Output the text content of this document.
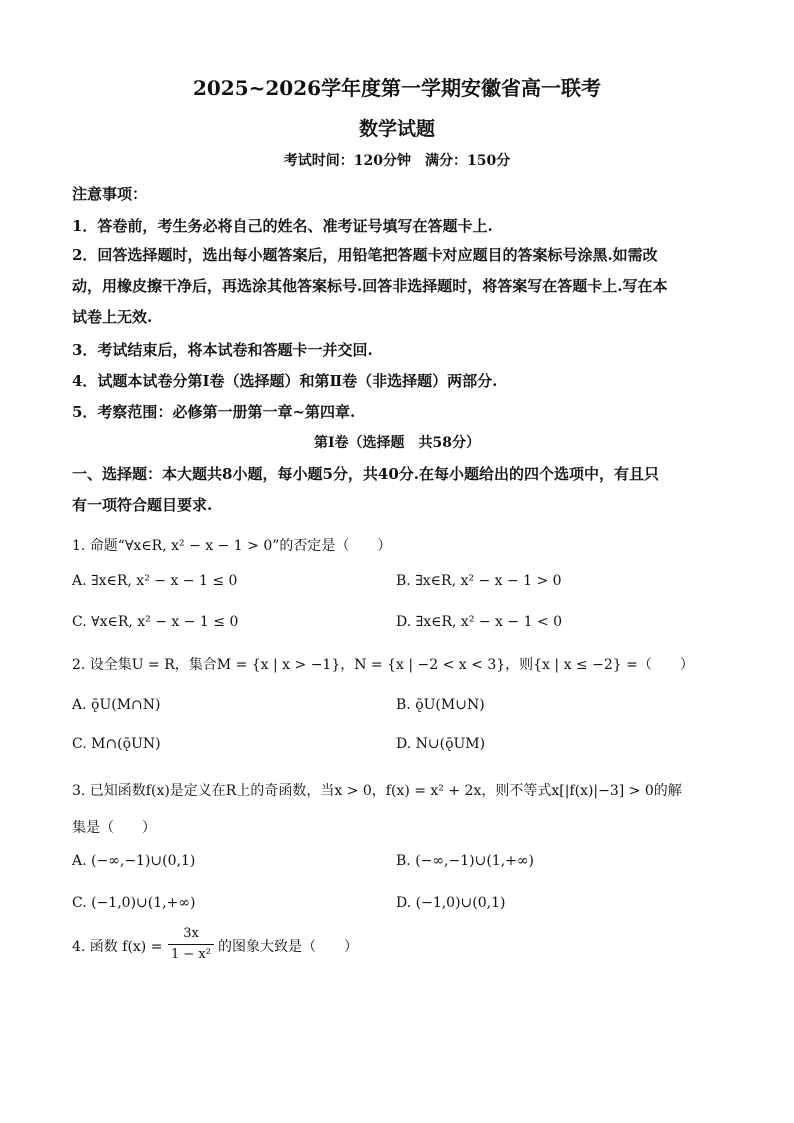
2025~2026学年度第一学期安徽省高一联考
数学试题
考试时间：120分钟　满分：150分
注意事项：
1．答卷前，考生务必将自己的姓名、准考证号填写在答题卡上.
2．回答选择题时，选出每小题答案后，用铅笔把答题卡对应题目的答案标号涂黑.如需改
动，用橡皮擦干净后，再选涂其他答案标号.回答非选择题时，将答案写在答题卡上.写在本
试卷上无效.
3．考试结束后，将本试卷和答题卡一并交回.
4．试题本试卷分第Ⅰ卷（选择题）和第Ⅱ卷（非选择题）两部分.
5．考察范围：必修第一册第一章~第四章.
第Ⅰ卷（选择题　共58分）
一、选择题：本大题共8小题，每小题5分，共40分.在每小题给出的四个选项中，有且只
有一项符合题目要求.
1. 命题“∀x∈R, x² − x − 1 > 0”的否定是（　　）
A. ∃x∈R, x² − x − 1 ≤ 0	B. ∃x∈R, x² − x − 1 > 0
C. ∀x∈R, x² − x − 1 ≤ 0	D. ∃x∈R, x² − x − 1 < 0
2. 设全集U = R，集合M = {x | x > −1}，N = {x | −2 < x < 3}，则{x | x ≤ −2} =（　　）
A. ǭU(M∩N)	B. ǭU(M∪N)
C. M∩(ǭUN)	D. N∪(ǭUM)
3. 已知函数f(x)是定义在R上的奇函数，当x > 0，f(x) = x² + 2x，则不等式x[|f(x)|−3] > 0的解
集是（　　）
A. (−∞,−1)∪(0,1)	B. (−∞,−1)∪(1,+∞)
C. (−1,0)∪(1,+∞)	D. (−1,0)∪(0,1)
4. 函数 f(x) =
3x
1 − x² 的图象大致是（　　）
